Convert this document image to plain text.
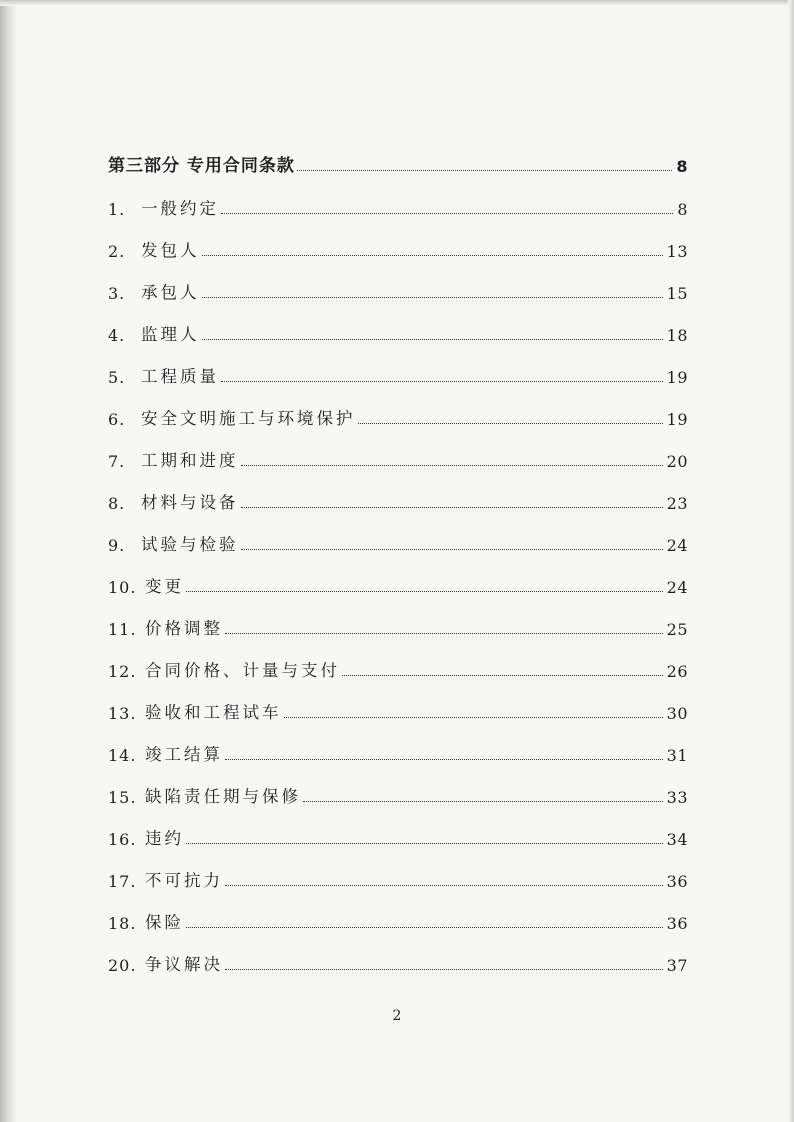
第三部分 专用合同条款	8
1. 一般约定	8
2. 发包人	13
3. 承包人	15
4. 监理人	18
5. 工程质量	19
6. 安全文明施工与环境保护	19
7. 工期和进度	20
8. 材料与设备	23
9. 试验与检验	24
10. 变更	24
11. 价格调整	25
12. 合同价格、计量与支付	26
13. 验收和工程试车	30
14. 竣工结算	31
15. 缺陷责任期与保修	33
16. 违约	34
17. 不可抗力	36
18. 保险	36
20. 争议解决	37
2
